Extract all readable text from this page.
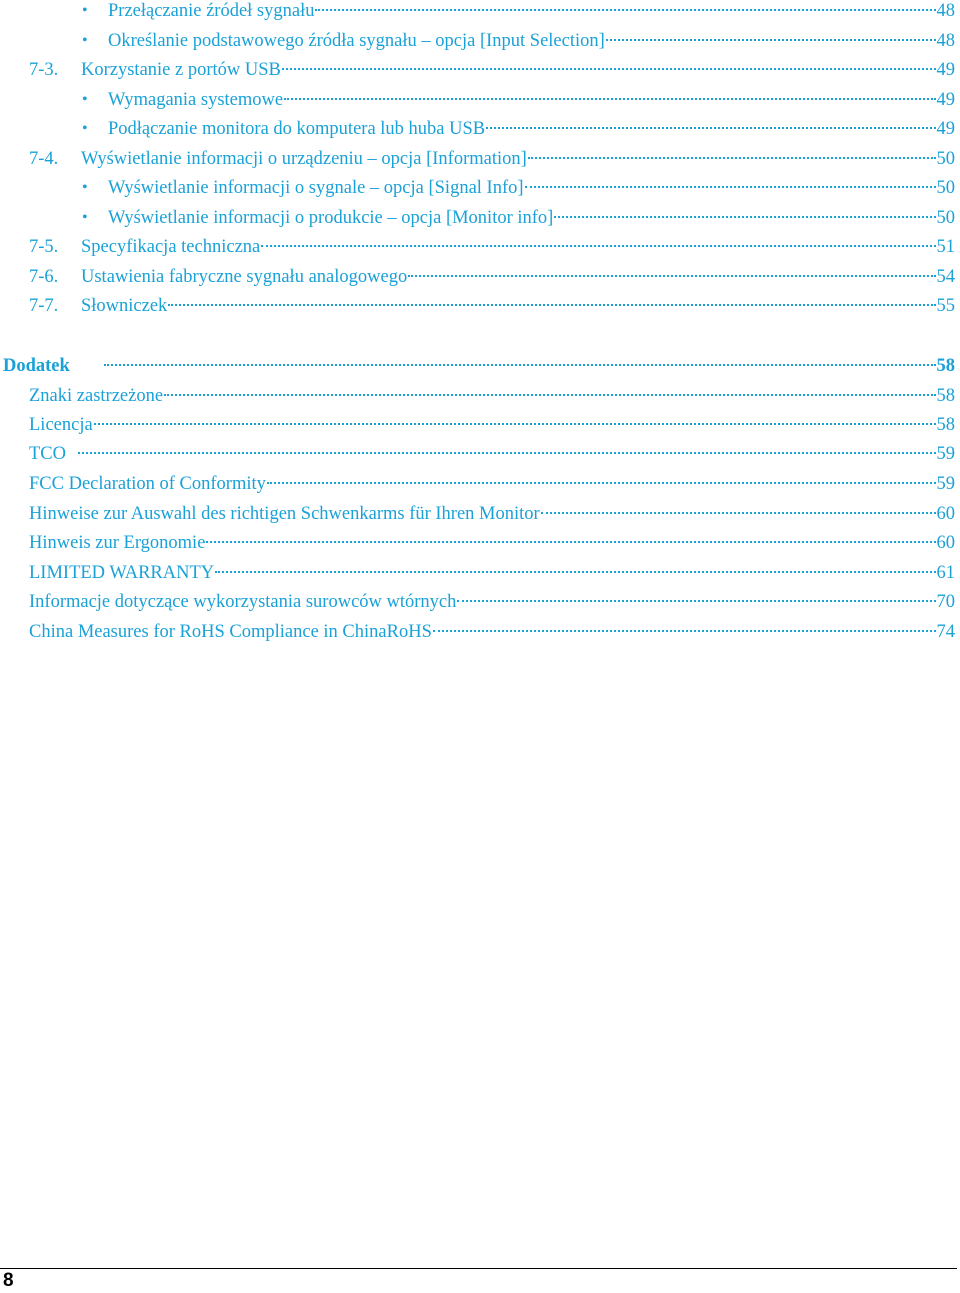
• Przełączanie źródeł sygnału	48
• Określanie podstawowego źródła sygnału – opcja [Input Selection]	48
7-3. Korzystanie z portów USB	49
• Wymagania systemowe	49
• Podłączanie monitora do komputera lub huba USB	49
7-4. Wyświetlanie informacji o urządzeniu – opcja [Information]	50
• Wyświetlanie informacji o sygnale – opcja [Signal Info]	50
• Wyświetlanie informacji o produkcie – opcja [Monitor info]	50
7-5. Specyfikacja techniczna	51
7-6. Ustawienia fabryczne sygnału analogowego	54
7-7. Słowniczek	55
Dodatek	58
Znaki zastrzeżone	58
Licencja	58
TCO	59
FCC Declaration of Conformity	59
Hinweise zur Auswahl des richtigen Schwenkarms für Ihren Monitor	60
Hinweis zur Ergonomie	60
LIMITED WARRANTY	61
Informacje dotyczące wykorzystania surowców wtórnych	70
China Measures for RoHS Compliance in ChinaRoHS	74
8
